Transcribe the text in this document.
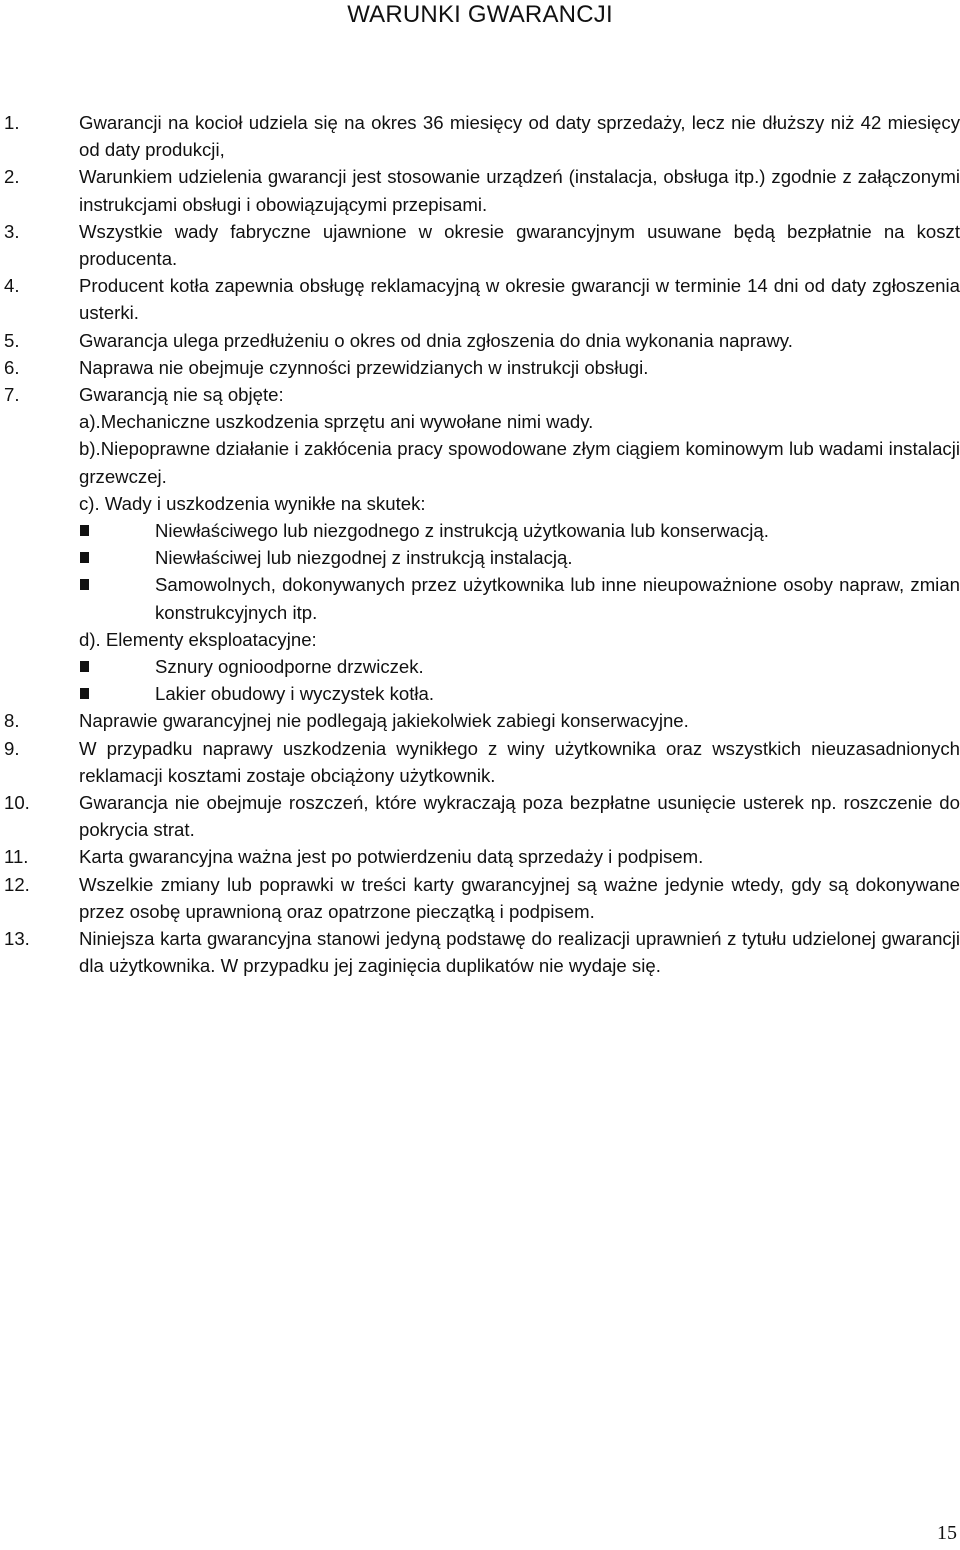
WARUNKI GWARANCJI
1.	Gwarancji na kocioł udziela się na okres 36 miesięcy od daty sprzedaży, lecz nie dłuższy niż 42 miesięcy od daty produkcji,
2.	Warunkiem udzielenia gwarancji jest stosowanie urządzeń (instalacja, obsługa itp.) zgodnie z załączonymi instrukcjami obsługi i obowiązującymi przepisami.
3.	Wszystkie wady fabryczne ujawnione w okresie gwarancyjnym usuwane będą bezpłatnie na koszt producenta.
4.	Producent kotła zapewnia obsługę reklamacyjną w okresie gwarancji w terminie 14 dni od daty zgłoszenia usterki.
5.	Gwarancja ulega przedłużeniu o okres od dnia zgłoszenia do dnia wykonania naprawy.
6.	Naprawa nie obejmuje czynności przewidzianych w instrukcji obsługi.
7.	Gwarancją nie są objęte:
a).Mechaniczne uszkodzenia sprzętu ani wywołane nimi wady.
b).Niepoprawne działanie i zakłócenia pracy spowodowane złym ciągiem kominowym lub wadami instalacji grzewczej.
c). Wady i uszkodzenia wynikłe na skutek:
Niewłaściwego lub niezgodnego z instrukcją użytkowania lub konserwacją.
Niewłaściwej lub niezgodnej z instrukcją instalacją.
Samowolnych, dokonywanych przez użytkownika lub inne nieupoważnione osoby napraw, zmian konstrukcyjnych itp.
d). Elementy eksploatacyjne:
Sznury ognioodporne drzwiczek.
Lakier obudowy i wyczystek kotła.
8.	Naprawie gwarancyjnej nie podlegają jakiekolwiek zabiegi konserwacyjne.
9.	W przypadku naprawy uszkodzenia wynikłego z winy użytkownika oraz wszystkich nieuzasadnionych reklamacji kosztami zostaje obciążony użytkownik.
10.	Gwarancja nie obejmuje roszczeń, które wykraczają poza bezpłatne usunięcie usterek np. roszczenie do pokrycia strat.
11.	Karta gwarancyjna ważna jest po potwierdzeniu datą sprzedaży i podpisem.
12.	Wszelkie zmiany lub poprawki w treści karty gwarancyjnej są ważne jedynie wtedy, gdy są dokonywane przez osobę uprawnioną oraz opatrzone pieczątką i podpisem.
13.	Niniejsza karta gwarancyjna stanowi jedyną podstawę do realizacji uprawnień z tytułu udzielonej gwarancji dla użytkownika. W przypadku jej zaginięcia duplikatów nie wydaje się.
15
